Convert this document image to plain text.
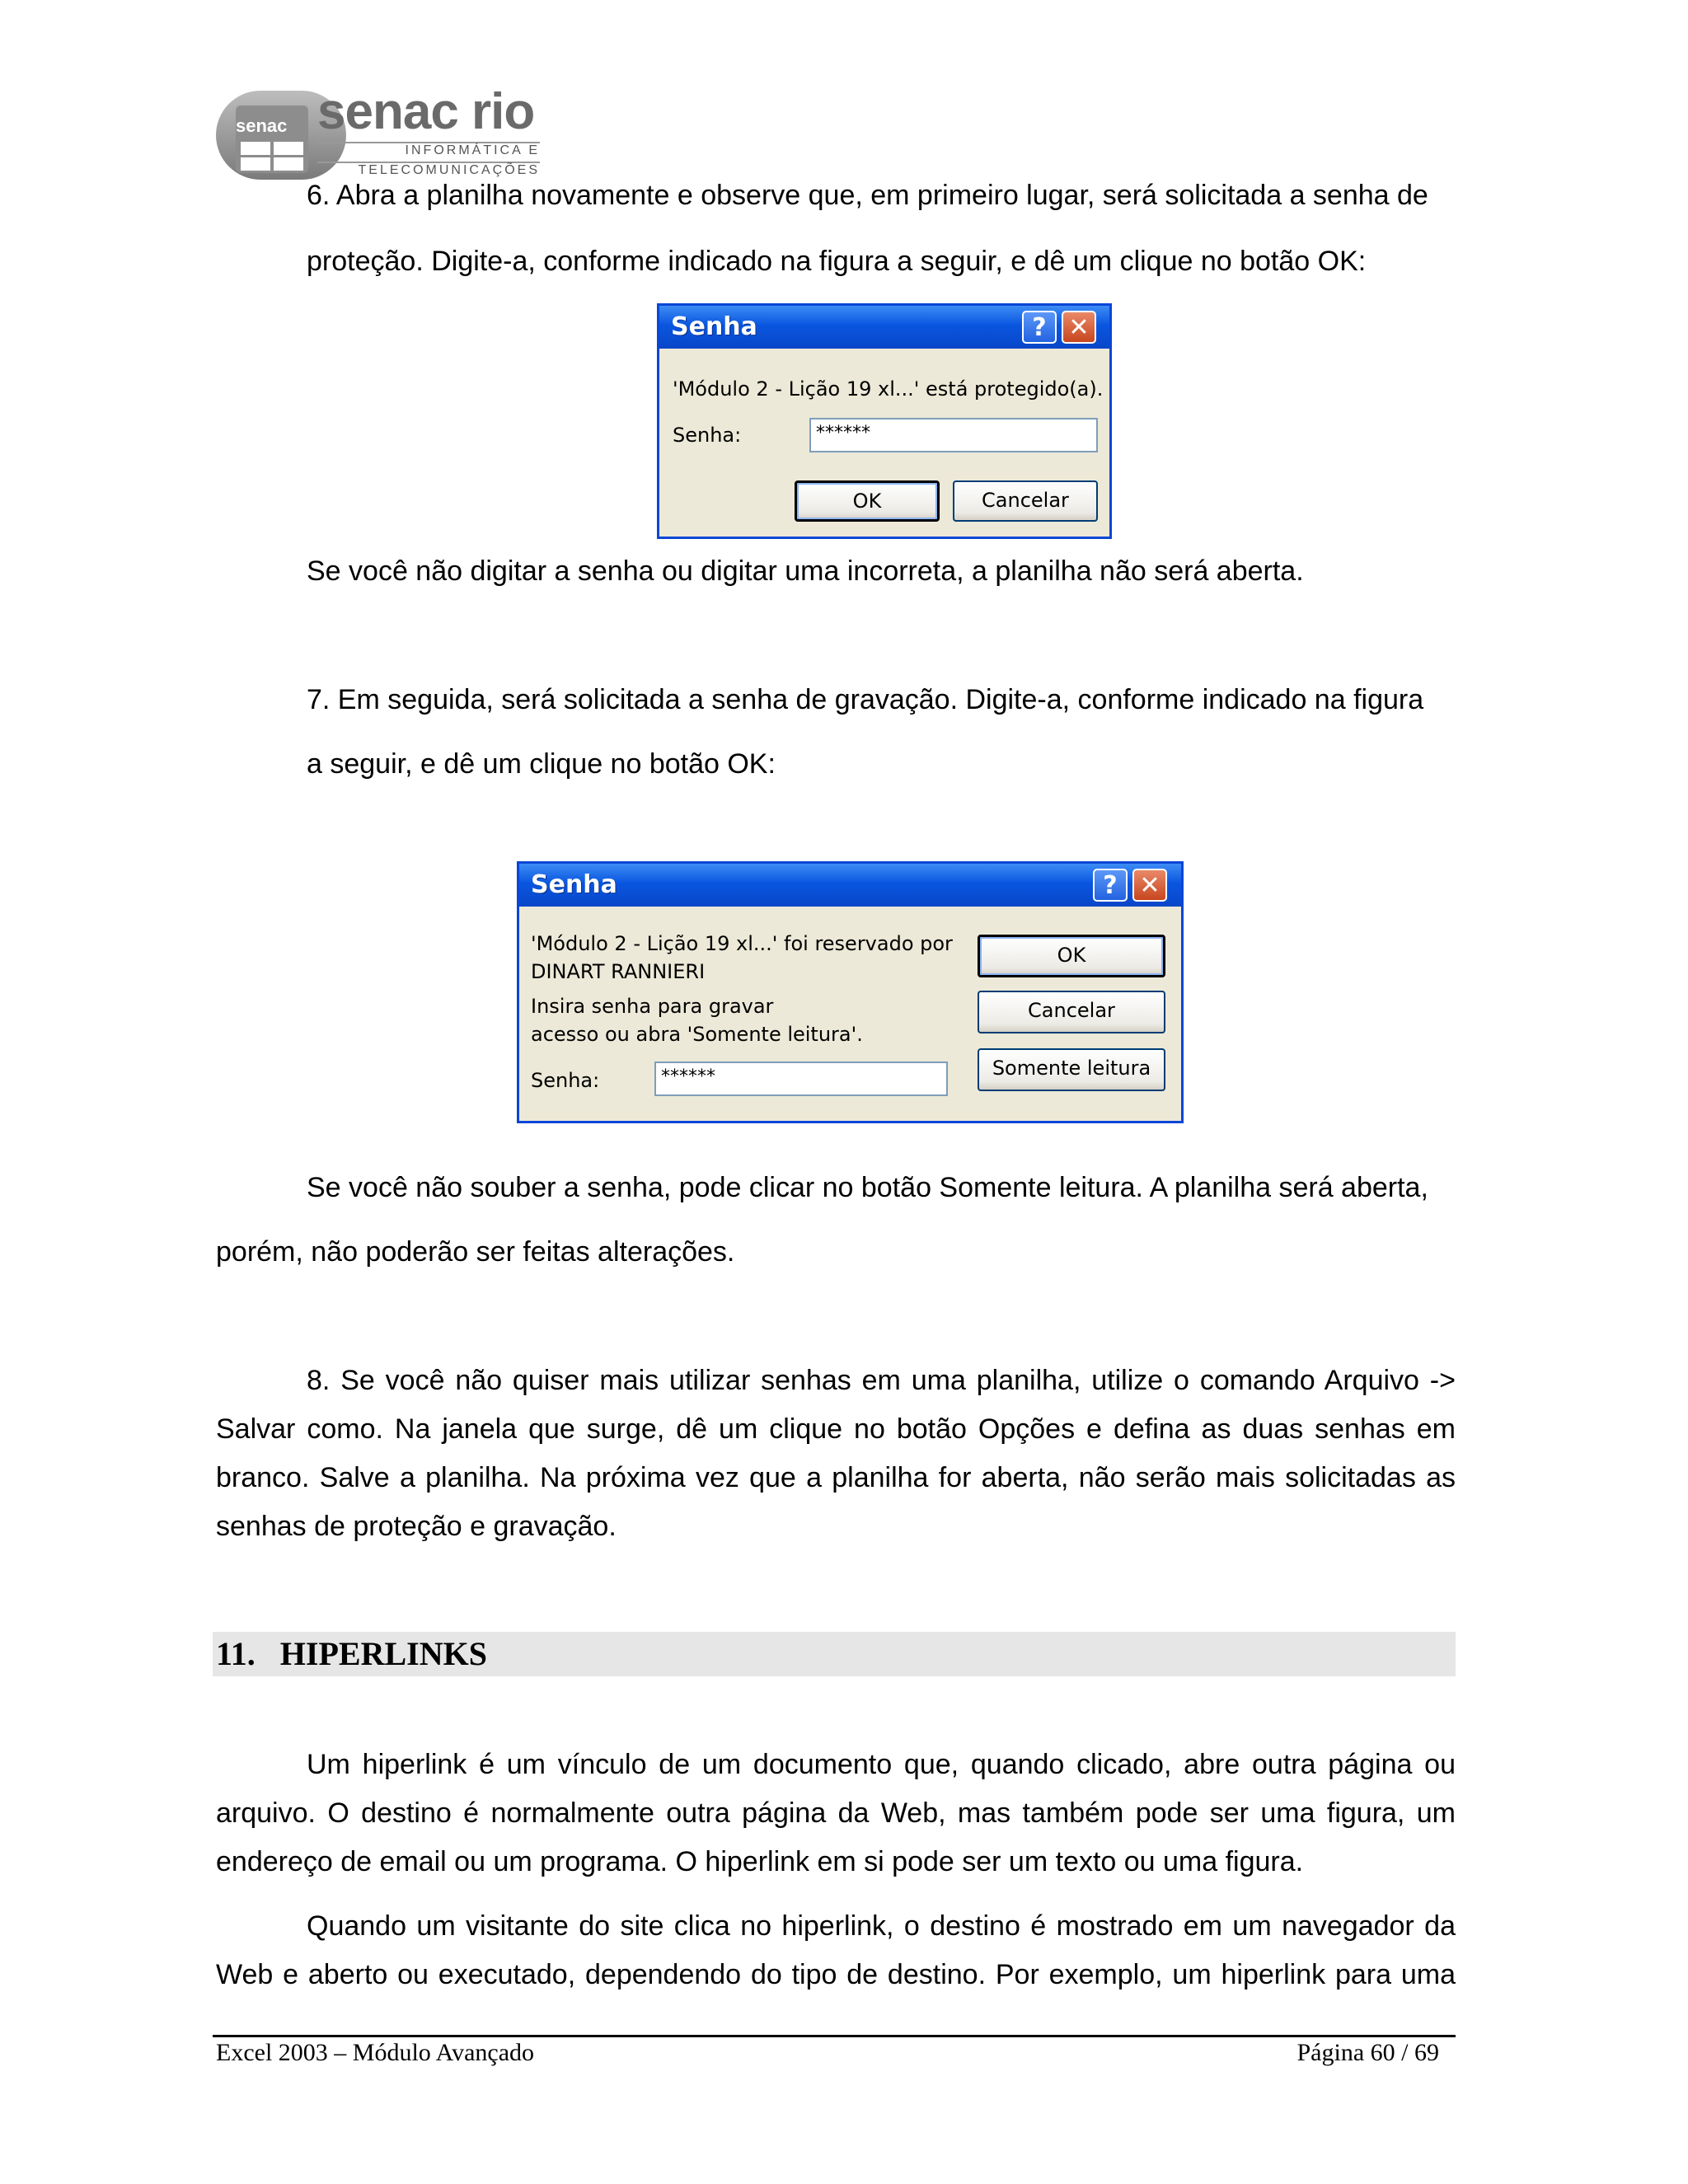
senac senac rio
INFORMÁTICA E
TELECOMUNICAÇÕES
6. Abra a planilha novamente e observe que, em primeiro lugar, será solicitada a senha de
proteção. Digite-a, conforme indicado na figura a seguir, e dê um clique no botão OK:
Senha	? ✕
'Módulo 2 - Lição 19 xl...' está protegido(a).
Senha:	******
OK	Cancelar
Se você não digitar a senha ou digitar uma incorreta, a planilha não será aberta.
7. Em seguida, será solicitada a senha de gravação. Digite-a, conforme indicado na figura
a seguir, e dê um clique no botão OK:
Senha	? ✕
'Módulo 2 - Lição 19 xl...' foi reservado por
DINART RANNIERI
Insira senha para gravar
acesso ou abra 'Somente leitura'.
Senha:	******
OK
Cancelar
Somente leitura
Se você não souber a senha, pode clicar no botão Somente leitura. A planilha será aberta,
porém, não poderão ser feitas alterações.
8. Se você não quiser mais utilizar senhas em uma planilha, utilize o comando Arquivo ->
Salvar como. Na janela que surge, dê um clique no botão Opções e defina as duas senhas em
branco. Salve a planilha. Na próxima vez que a planilha for aberta, não serão mais solicitadas as
senhas de proteção e gravação.
11.   HIPERLINKS
Um hiperlink é um vínculo de um documento que, quando clicado, abre outra página ou
arquivo. O destino é normalmente outra página da Web, mas também pode ser uma figura, um
endereço de email ou um programa. O hiperlink em si pode ser um texto ou uma figura.
Quando um visitante do site clica no hiperlink, o destino é mostrado em um navegador da
Web e aberto ou executado, dependendo do tipo de destino. Por exemplo, um hiperlink para uma
Excel 2003 – Módulo Avançado	Página 60 / 69
